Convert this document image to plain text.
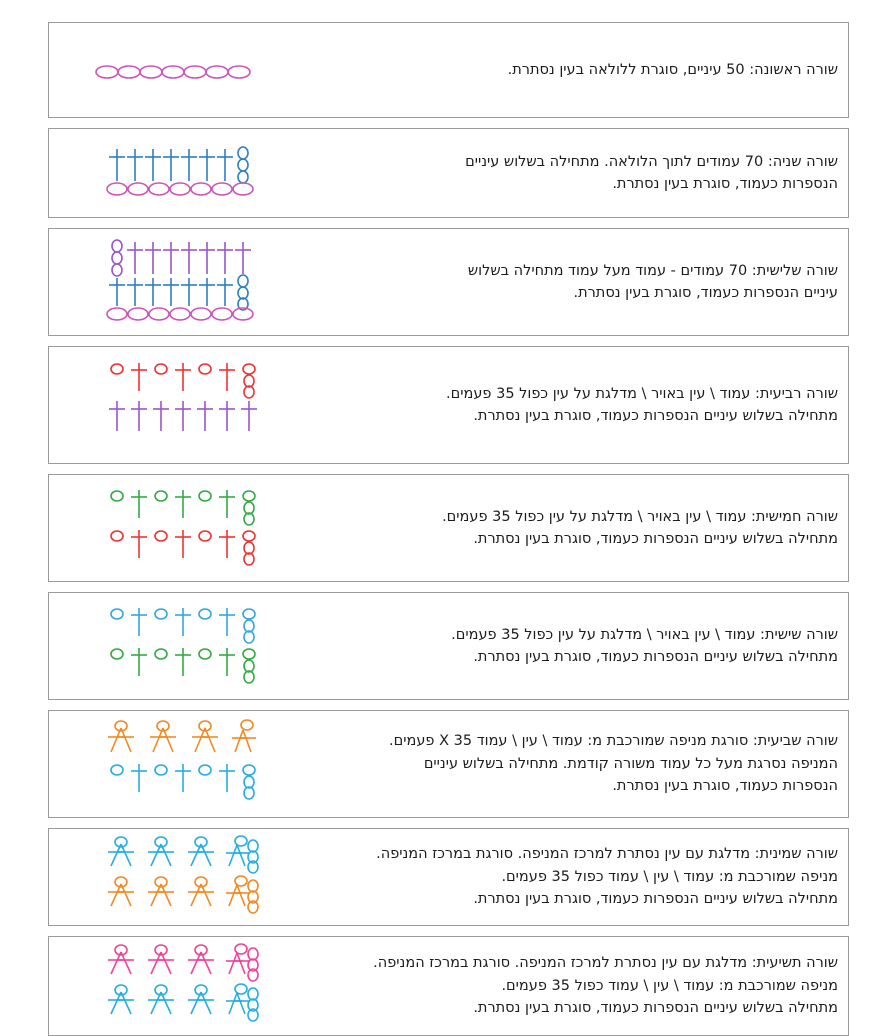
שורה ראשונה: 50 עיניים, סוגרת ללולאה בעין נסתרת.

שורה שניה: 70 עמודים לתוך הלולאה. מתחילה בשלוש עיניים

הנספרות כעמוד, סוגרת בעין נסתרת.

שורה שלישית: 70 עמודים - עמוד מעל עמוד מתחילה בשלוש

עיניים הנספרות כעמוד, סוגרת בעין נסתרת.

שורה רביעית: עמוד \ עין באויר \ מדלגת על עין כפול 35 פעמים.

מתחילה בשלוש עיניים הנספרות כעמוד, סוגרת בעין נסתרת.

שורה חמישית: עמוד \ עין באויר \ מדלגת על עין כפול 35 פעמים.

מתחילה בשלוש עיניים הנספרות כעמוד, סוגרת בעין נסתרת.

שורה שישית: עמוד \ עין באויר \ מדלגת על עין כפול 35 פעמים.

מתחילה בשלוש עיניים הנספרות כעמוד, סוגרת בעין נסתרת.

שורה שביעית: סורגת מניפה שמורכבת מ: עמוד \ עין \ עמוד X 35 פעמים.

המניפה נסרגת מעל כל עמוד משורה קודמת. מתחילה בשלוש עיניים

הנספרות כעמוד, סוגרת בעין נסתרת.

שורה שמינית: מדלגת עם עין נסתרת למרכז המניפה. סורגת במרכז המניפה.

מניפה שמורכבת מ: עמוד \ עין \ עמוד כפול 35 פעמים.

מתחילה בשלוש עיניים הנספרות כעמוד, סוגרת בעין נסתרת.

שורה תשיעית: מדלגת עם עין נסתרת למרכז המניפה. סורגת במרכז המניפה.

מניפה שמורכבת מ: עמוד \ עין \ עמוד כפול 35 פעמים.

מתחילה בשלוש עיניים הנספרות כעמוד, סוגרת בעין נסתרת.
